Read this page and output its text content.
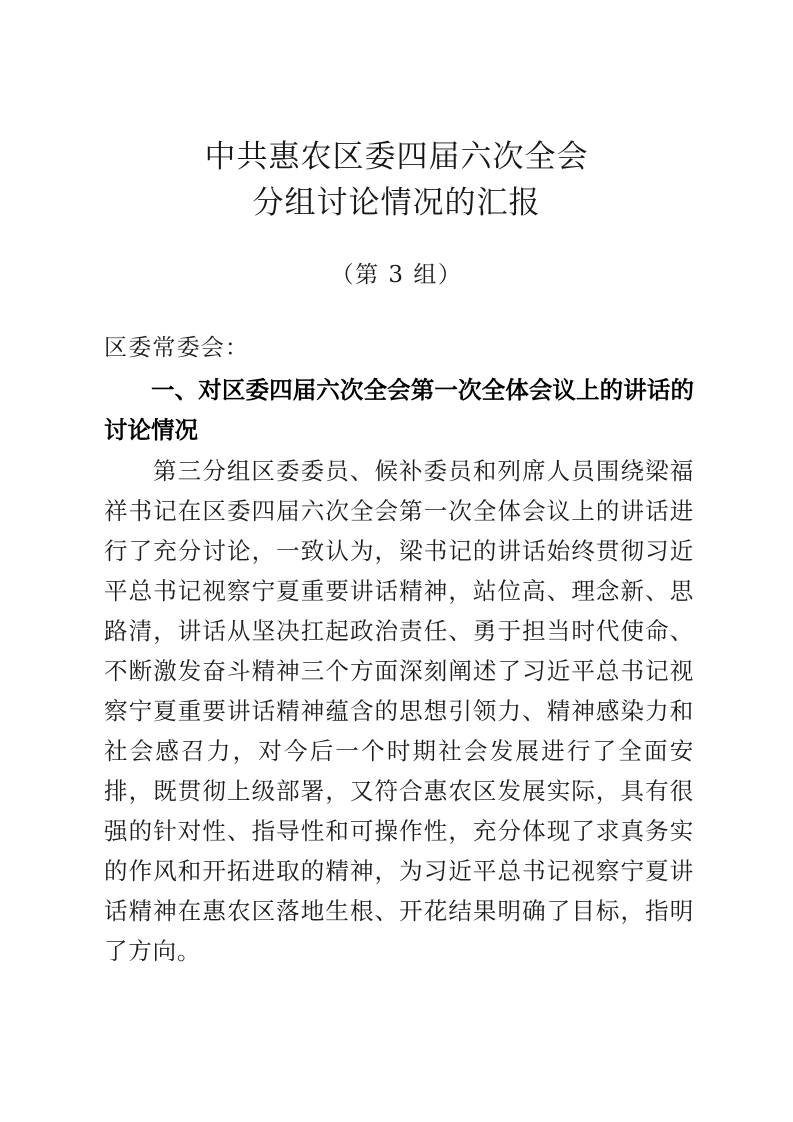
中共惠农区委四届六次全会
分组讨论情况的汇报
（第 3 组）
区委常委会：
一、对区委四届六次全会第一次全体会议上的讲话的讨论情况
第三分组区委委员、候补委员和列席人员围绕梁福祥书记在区委四届六次全会第一次全体会议上的讲话进行了充分讨论，一致认为，梁书记的讲话始终贯彻习近平总书记视察宁夏重要讲话精神，站位高、理念新、思路清，讲话从坚决扛起政治责任、勇于担当时代使命、不断激发奋斗精神三个方面深刻阐述了习近平总书记视察宁夏重要讲话精神蕴含的思想引领力、精神感染力和社会感召力，对今后一个时期社会发展进行了全面安排，既贯彻上级部署，又符合惠农区发展实际，具有很强的针对性、指导性和可操作性，充分体现了求真务实的作风和开拓进取的精神，为习近平总书记视察宁夏讲话精神在惠农区落地生根、开花结果明确了目标，指明了方向。
